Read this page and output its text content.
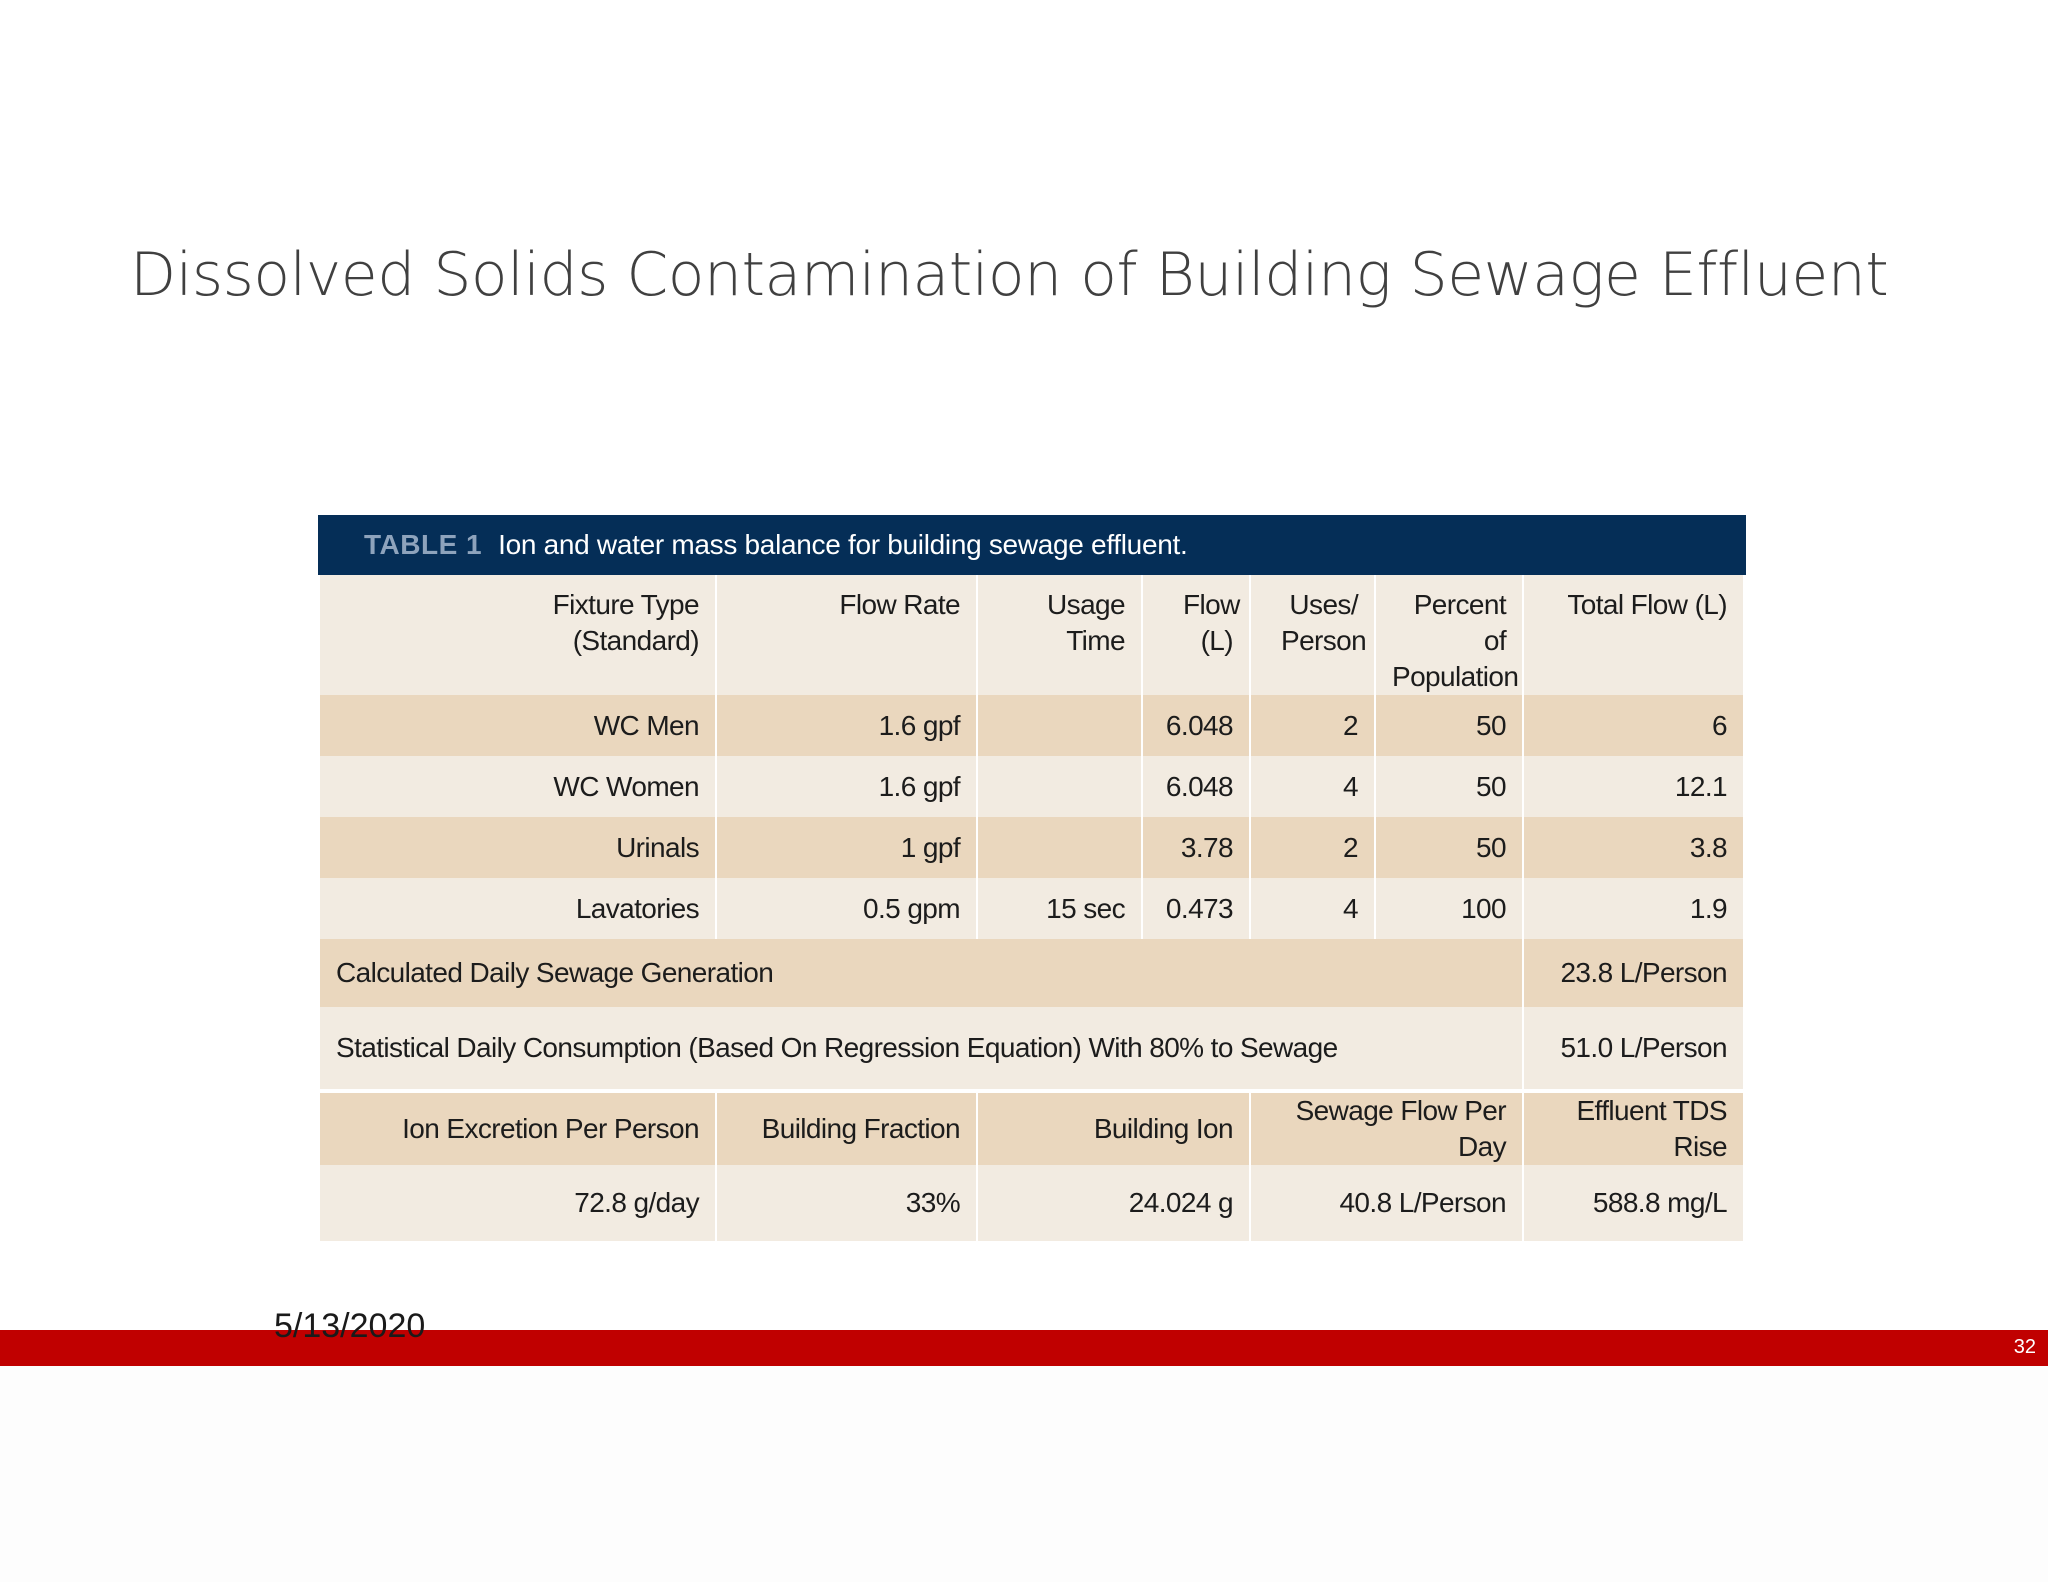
Dissolved Solids Contamination of Building Sewage Effluent
TABLE 1 Ion and water mass balance for building sewage effluent.
Fixture Type (Standard)	Flow Rate	Usage Time	Flow (L)	Uses/ Person	Percent of Population	Total Flow (L)
WC Men	1.6 gpf		6.048	2	50	6
WC Women	1.6 gpf		6.048	4	50	12.1
Urinals	1 gpf		3.78	2	50	3.8
Lavatories	0.5 gpm	15 sec	0.473	4	100	1.9
Calculated Daily Sewage Generation						23.8 L/Person
Statistical Daily Consumption (Based On Regression Equation) With 80% to Sewage						51.0 L/Person

Ion Excretion Per Person	Building Fraction	Building Ion		Sewage Flow Per Day		Effluent TDS Rise
72.8 g/day	33%	24.024 g		40.8 L/Person		588.8 mg/L
5/13/2020
32
